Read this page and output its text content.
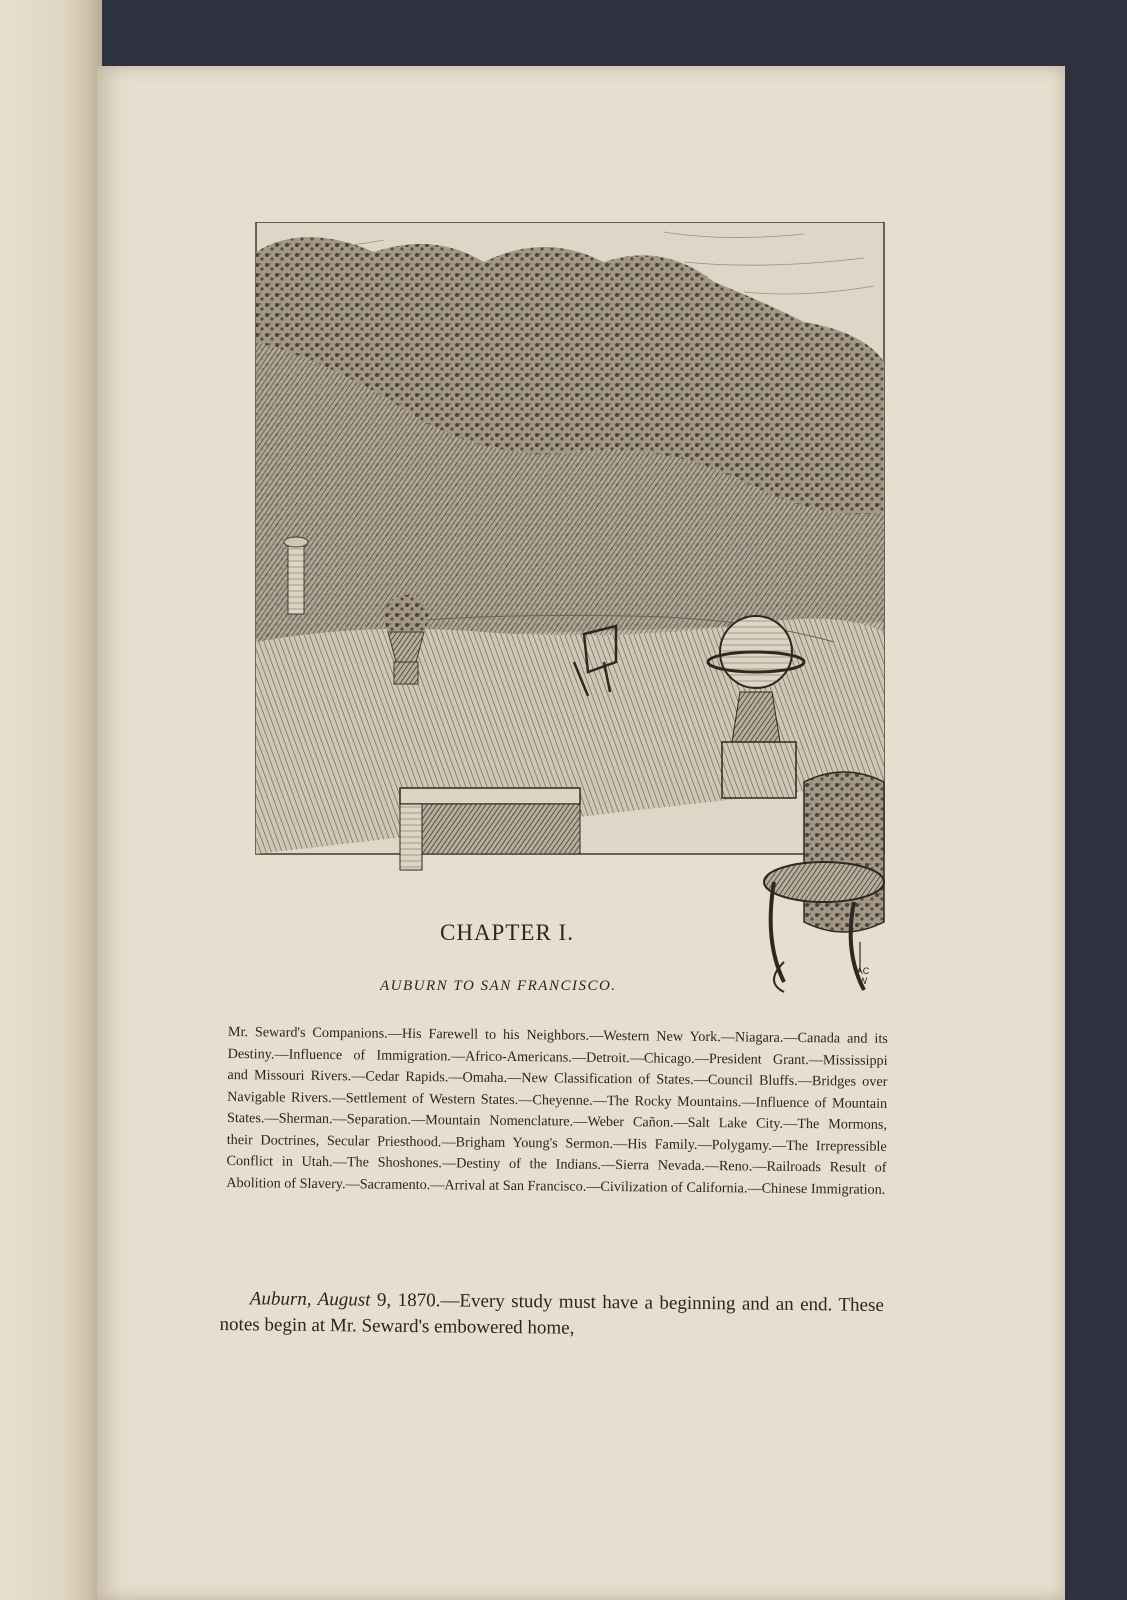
AC
W
CHAPTER I.
AUBURN TO SAN FRANCISCO.
Mr. Seward's Companions.—His Farewell to his Neighbors.—Western New York.—Niagara.—Canada and its Destiny.—Influence of Immigration.—Africo-Americans.—Detroit.—Chicago.—President Grant.—Mississippi and Missouri Rivers.—Cedar Rapids.—Omaha.—New Classification of States.—Council Bluffs.—Bridges over Navigable Rivers.—Settlement of Western States.—Cheyenne.—The Rocky Mountains.—Influence of Mountain States.—Sherman.—Separation.—Mountain Nomenclature.—Weber Cañon.—Salt Lake City.—The Mormons, their Doctrines, Secular Priesthood.—Brigham Young's Sermon.—His Family.—Polygamy.—The Irrepressible Conflict in Utah.—The Shoshones.—Destiny of the Indians.—Sierra Nevada.—Reno.—Railroads Result of Abolition of Slavery.—Sacramento.—Arrival at San Francisco.—Civilization of California.—Chinese Immigration.
Auburn, August 9, 1870.—Every study must have a beginning and an end. These notes begin at Mr. Seward's embowered home,
